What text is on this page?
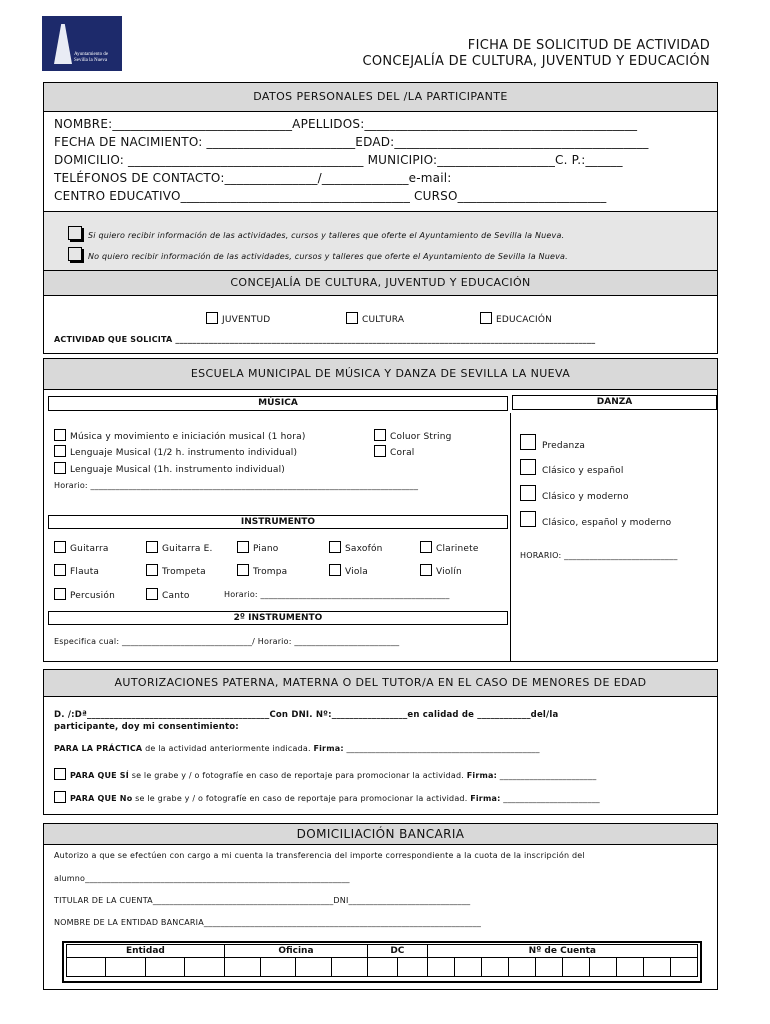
Ayuntamiento de
Sevilla la Nueva
FICHA DE SOLICITUD DE ACTIVIDAD
CONCEJALÍA DE CULTURA, JUVENTUD Y EDUCACIÓN
DATOS PERSONALES DEL /LA PARTICIPANTE
NOMBRE:_____________________________APELLIDOS:____________________________________________
FECHA DE NACIMIENTO: ________________________EDAD:_________________________________________
DOMICILIO: ______________________________________ MUNICIPIO:___________________C. P.:______
TELÉFONOS DE CONTACTO:_______________/______________e-mail:
CENTRO EDUCATIVO_____________________________________ CURSO________________________
Si quiero recibir información de las actividades, cursos y talleres que oferte el Ayuntamiento de Sevilla la Nueva.
No quiero recibir información de las actividades, cursos y talleres que oferte el Ayuntamiento de Sevilla la Nueva.
CONCEJALÍA DE CULTURA, JUVENTUD Y EDUCACIÓN
JUVENTUD	CULTURA	EDUCACIÓN
ACTIVIDAD QUE SOLICITA ____________________________________________________________________________________________________
ESCUELA MUNICIPAL DE MÚSICA Y DANZA DE SEVILLA LA NUEVA
MÚSICA	DANZA
Música y movimiento e iniciación musical (1 hora)
Lenguaje Musical (1/2 h. instrumento individual)
Lenguaje Musical (1h. instrumento individual)
Coluor String
Coral
Horario: ______________________________________________________________________________
INSTRUMENTO
Guitarra	Guitarra E.	Piano	Saxofón	Clarinete
Flauta	Trompeta	Trompa	Viola	Violín
Percusión	Canto	Horario: _____________________________________________
2º INSTRUMENTO
Especifica cual: _______________________________/ Horario: _________________________
Predanza
Clásico y español
Clásico y moderno
Clásico, español y moderno
HORARIO: ___________________________
AUTORIZACIONES PATERNA, MATERNA O DEL TUTOR/A EN EL CASO DE MENORES DE EDAD
D. /:Dª_________________________________________Con DNI. Nº:_________________en calidad de ____________del/la
participante, doy mi consentimiento:
PARA LA PRÁCTICA de la actividad anteriormente indicada. Firma: ______________________________________________
PARA QUE SÍ se le grabe y / o fotografíe en caso de reportaje para promocionar la actividad. Firma: _______________________
PARA QUE No se le grabe y / o fotografíe en caso de reportaje para promocionar la actividad. Firma: _______________________
DOMICILIACIÓN BANCARIA
Autorizo a que se efectúen con cargo a mi cuenta la transferencia del importe correspondiente a la cuota de la inscripción del
alumno_______________________________________________________________
TITULAR DE LA CUENTA___________________________________________DNI_____________________________
NOMBRE DE LA ENTIDAD BANCARIA__________________________________________________________________
Entidad				Oficina				DC		Nº de Cuenta									
